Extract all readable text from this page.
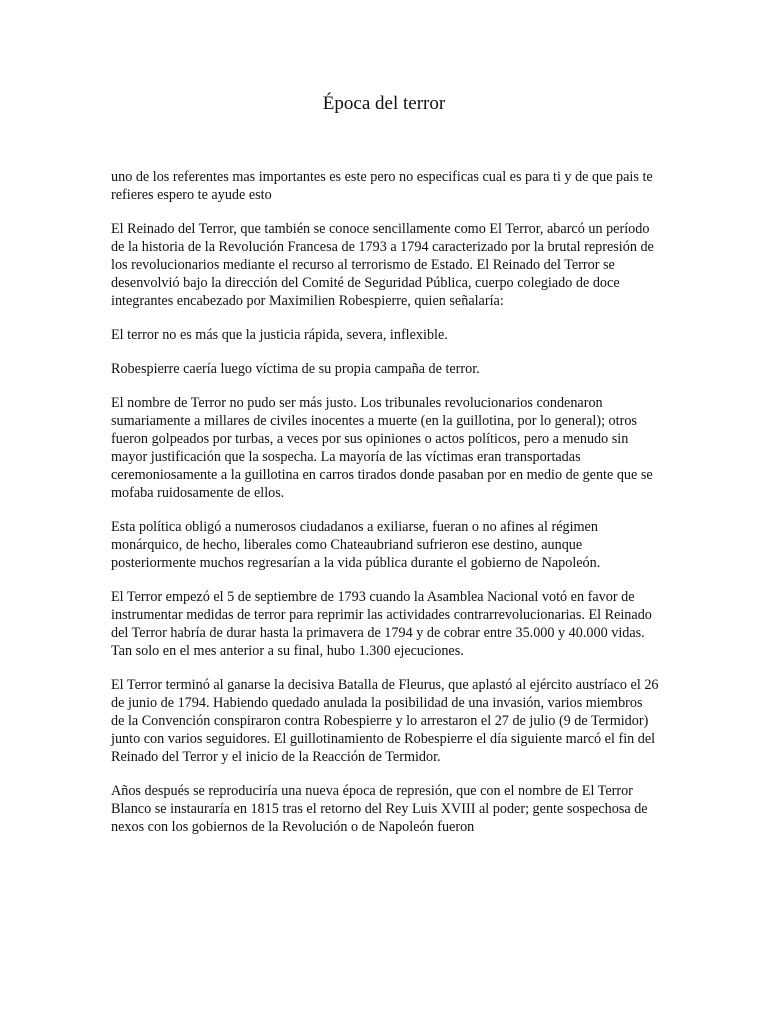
Época del terror

uno de los referentes mas importantes es este pero no especificas cual es para ti y de que pais te refieres espero te ayude esto

El Reinado del Terror, que también se conoce sencillamente como El Terror, abarcó un período de la historia de la Revolución Francesa de 1793 a 1794 caracterizado por la brutal represión de los revolucionarios mediante el recurso al terrorismo de Estado. El Reinado del Terror se desenvolvió bajo la dirección del Comité de Seguridad Pública, cuerpo colegiado de doce integrantes encabezado por Maximilien Robespierre, quien señalaría:

El terror no es más que la justicia rápida, severa, inflexible.

Robespierre caería luego víctima de su propia campaña de terror.

El nombre de Terror no pudo ser más justo. Los tribunales revolucionarios condenaron sumariamente a millares de civiles inocentes a muerte (en la guillotina, por lo general); otros fueron golpeados por turbas, a veces por sus opiniones o actos políticos, pero a menudo sin mayor justificación que la sospecha. La mayoría de las víctimas eran transportadas ceremoniosamente a la guillotina en carros tirados donde pasaban por en medio de gente que se mofaba ruidosamente de ellos.

Esta política obligó a numerosos ciudadanos a exiliarse, fueran o no afines al régimen monárquico, de hecho, liberales como Chateaubriand sufrieron ese destino, aunque posteriormente muchos regresarían a la vida pública durante el gobierno de Napoleón.

El Terror empezó el 5 de septiembre de 1793 cuando la Asamblea Nacional votó en favor de instrumentar medidas de terror para reprimir las actividades contrarrevolucionarias. El Reinado del Terror habría de durar hasta la primavera de 1794 y de cobrar entre 35.000 y 40.000 vidas. Tan solo en el mes anterior a su final, hubo 1.300 ejecuciones.

El Terror terminó al ganarse la decisiva Batalla de Fleurus, que aplastó al ejército austríaco el 26 de junio de 1794. Habiendo quedado anulada la posibilidad de una invasión, varios miembros de la Convención conspiraron contra Robespierre y lo arrestaron el 27 de julio (9 de Termidor) junto con varios seguidores. El guillotinamiento de Robespierre el día siguiente marcó el fin del Reinado del Terror y el inicio de la Reacción de Termidor.

Años después se reproduciría una nueva época de represión, que con el nombre de El Terror Blanco se instauraría en 1815 tras el retorno del Rey Luis XVIII al poder; gente sospechosa de nexos con los gobiernos de la Revolución o de Napoleón fueron
